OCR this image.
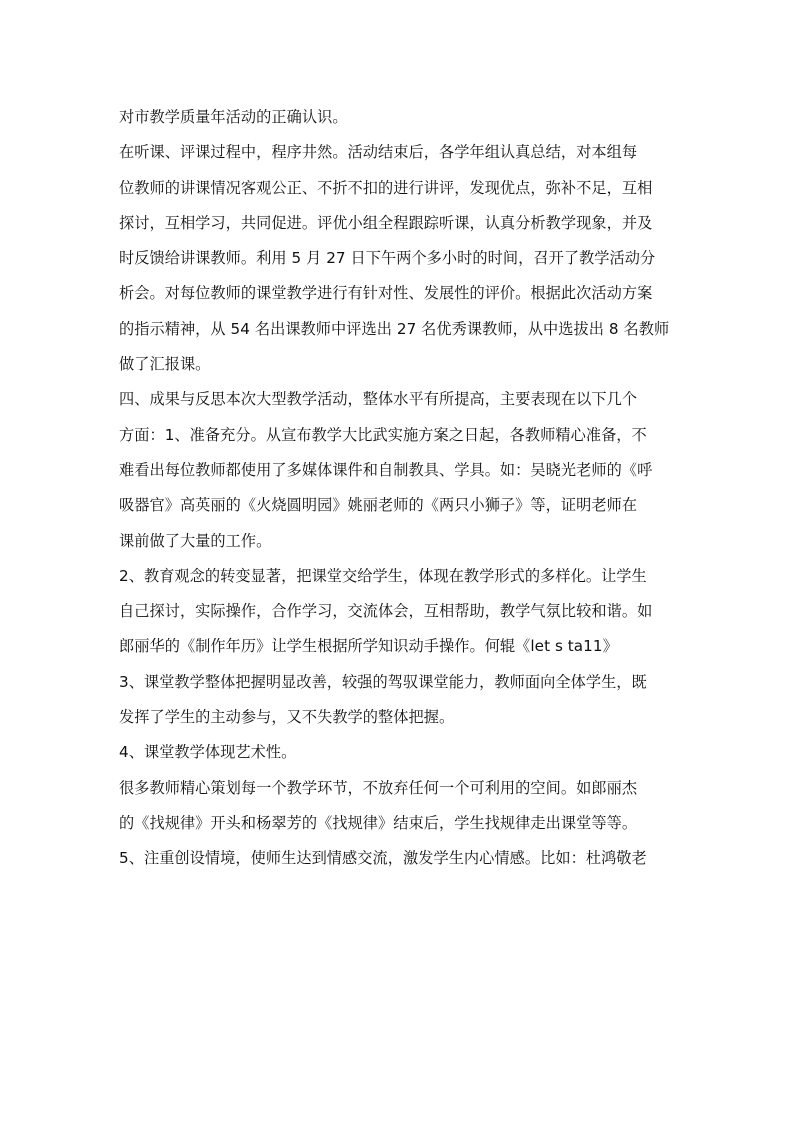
对市教学质量年活动的正确认识。
在听课、评课过程中，程序井然。活动结束后，各学年组认真总结，对本组每
位教师的讲课情况客观公正、不折不扣的进行讲评，发现优点，弥补不足，互相
探讨，互相学习，共同促进。评优小组全程跟踪听课，认真分析教学现象，并及
时反馈给讲课教师。利用 5 月 27 日下午两个多小时的时间，召开了教学活动分
析会。对每位教师的课堂教学进行有针对性、发展性的评价。根据此次活动方案
的指示精神，从 54 名出课教师中评选出 27 名优秀课教师，从中选拔出 8 名教师
做了汇报课。
四、成果与反思本次大型教学活动，整体水平有所提高，主要表现在以下几个
方面：1、准备充分。从宣布教学大比武实施方案之日起，各教师精心准备，不
难看出每位教师都使用了多媒体课件和自制教具、学具。如：吴晓光老师的《呼
吸器官》高英丽的《火烧圆明园》姚丽老师的《两只小狮子》等，证明老师在
课前做了大量的工作。
2、教育观念的转变显著，把课堂交给学生，体现在教学形式的多样化。让学生
自己探讨，实际操作，合作学习，交流体会，互相帮助，教学气氛比较和谐。如
郎丽华的《制作年历》让学生根据所学知识动手操作。何辊《let s ta11》
3、课堂教学整体把握明显改善，较强的驾驭课堂能力，教师面向全体学生，既
发挥了学生的主动参与，又不失教学的整体把握。
4、课堂教学体现艺术性。
很多教师精心策划每一个教学环节，不放弃任何一个可利用的空间。如郎丽杰
的《找规律》开头和杨翠芳的《找规律》结束后，学生找规律走出课堂等等。
5、注重创设情境，使师生达到情感交流，激发学生内心情感。比如：杜鸿敬老
